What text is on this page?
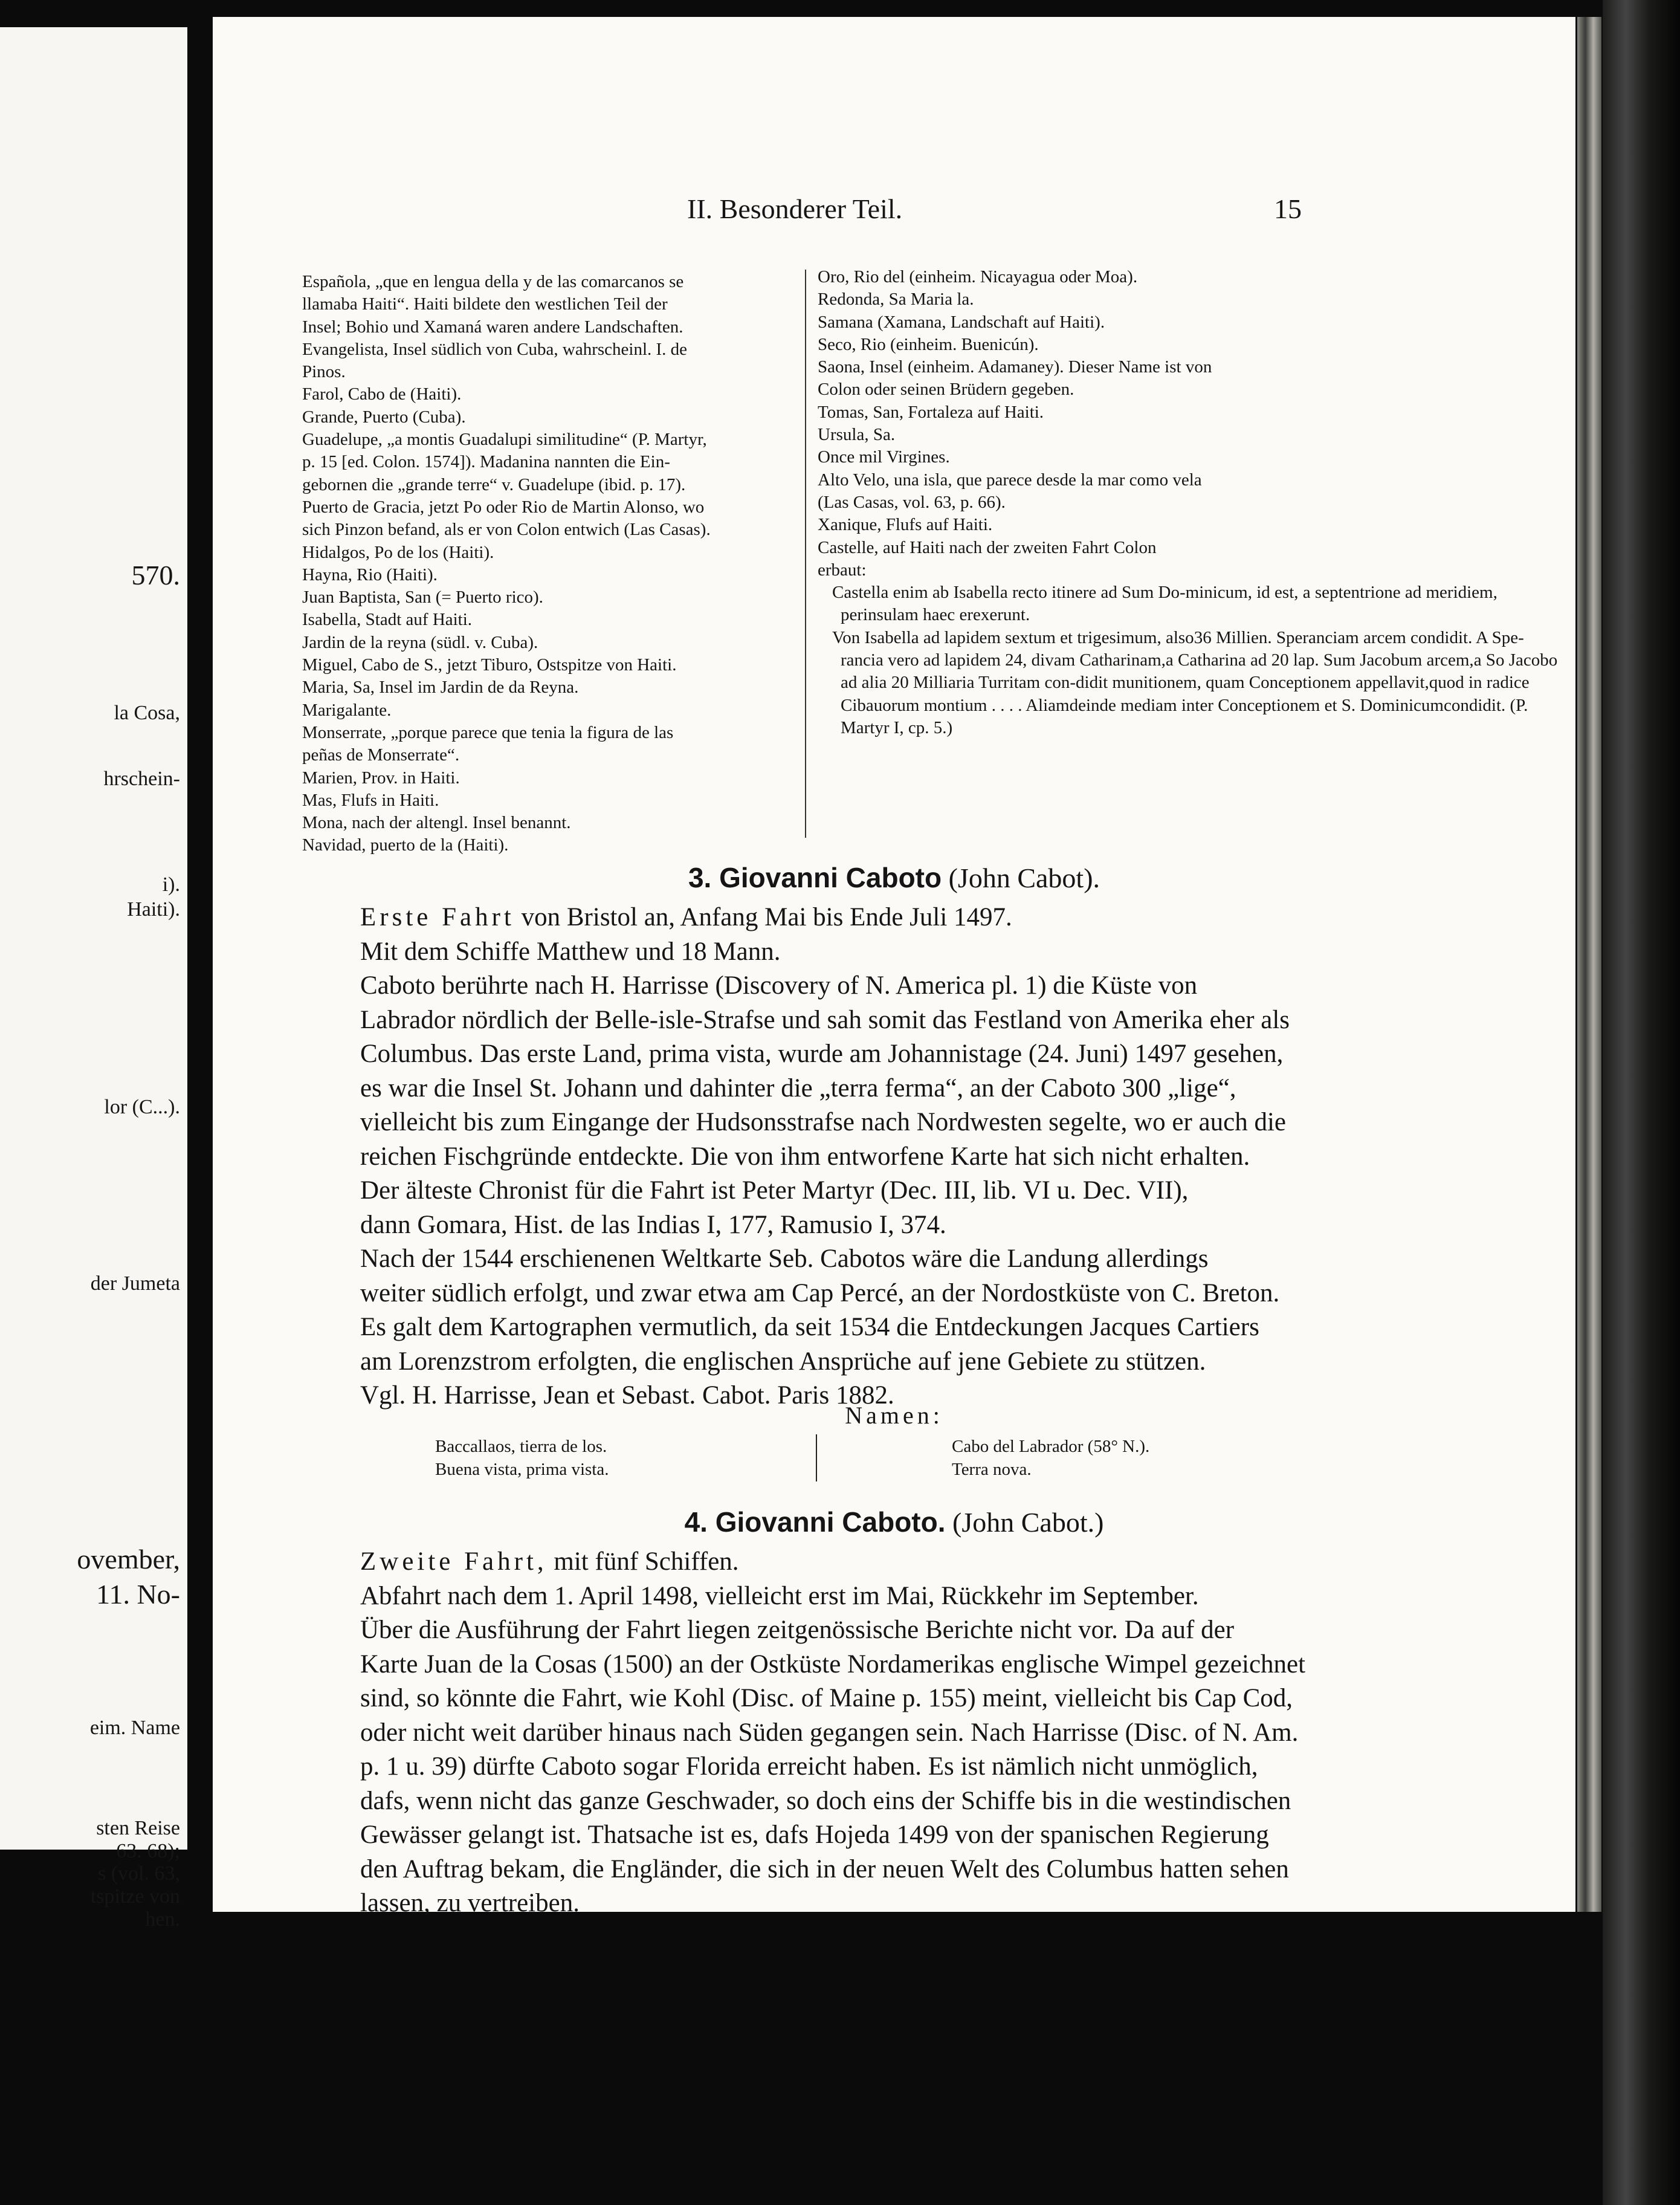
570.
la Cosa,
hrschein-
i).
Haiti).
lor (C...).
der Jumeta
ovember,
11. No-
eim. Name
sten Reise
63. 68);
s (vol. 63,
tspitze von
hen.
II. Besonderer Teil.	15
Española, „que en lengua della y de las comarcanos se
llamaba Haiti“. Haiti bildete den westlichen Teil der
Insel; Bohio und Xamaná waren andere Landschaften.
Evangelista, Insel südlich von Cuba, wahrscheinl. I. de
Pinos.
Farol, Cabo de (Haiti).
Grande, Puerto (Cuba).
Guadelupe, „a montis Guadalupi similitudine“ (P. Martyr,
p. 15 [ed. Colon. 1574]). Madanina nannten die Ein-
gebornen die „grande terre“ v. Guadelupe (ibid. p. 17).
Puerto de Gracia, jetzt Po oder Rio de Martin Alonso, wo
sich Pinzon befand, als er von Colon entwich (Las Casas).
Hidalgos, Po de los (Haiti).
Hayna, Rio (Haiti).
Juan Baptista, San (= Puerto rico).
Isabella, Stadt auf Haiti.
Jardin de la reyna (südl. v. Cuba).
Miguel, Cabo de S., jetzt Tiburo, Ostspitze von Haiti.
Maria, Sa, Insel im Jardin de da Reyna.
Marigalante.
Monserrate, „porque parece que tenia la figura de las
peñas de Monserrate“.
Marien, Prov. in Haiti.
Mas, Flufs in Haiti.
Mona, nach der altengl. Insel benannt.
Navidad, puerto de la (Haiti).
Oro, Rio del (einheim. Nicayagua oder Moa).
Redonda, Sa Maria la.
Samana (Xamana, Landschaft auf Haiti).
Seco, Rio (einheim. Buenicún).
Saona, Insel (einheim. Adamaney). Dieser Name ist von
Colon oder seinen Brüdern gegeben.
Tomas, San, Fortaleza auf Haiti.
Ursula, Sa.
Once mil Virgines.
Alto Velo, una isla, que parece desde la mar como vela
(Las Casas, vol. 63, p. 66).
Xanique, Flufs auf Haiti.
Castelle, auf Haiti nach der zweiten Fahrt Colon
erbaut:
Castella enim ab Isabella recto itinere ad Sum Do-minicum, id est, a septentrione ad meridiem, perinsulam haec erexerunt.
Von Isabella ad lapidem sextum et trigesimum, also36 Millien. Speranciam arcem condidit. A Spe-rancia vero ad lapidem 24, divam Catharinam,a Catharina ad 20 lap. Sum Jacobum arcem,a So Jacobo ad alia 20 Milliaria Turritam con-didit munitionem, quam Conceptionem appellavit,quod in radice Cibauorum montium . . . . Aliamdeinde mediam inter Conceptionem et S. Dominicumcondidit. (P. Martyr I, cp. 5.)
3. Giovanni Caboto (John Cabot).

Erste Fahrt von Bristol an, Anfang Mai bis Ende Juli 1497.

Mit dem Schiffe Matthew und 18 Mann.

Caboto berührte nach H. Harrisse (Discovery of N. America pl. 1) die Küste von
Labrador nördlich der Belle-isle-Strafse und sah somit das Festland von Amerika eher als
Columbus. Das erste Land, prima vista, wurde am Johannistage (24. Juni) 1497 gesehen,
es war die Insel St. Johann und dahinter die „terra ferma“, an der Caboto 300 „lige“,
vielleicht bis zum Eingange der Hudsonsstrafse nach Nordwesten segelte, wo er auch die
reichen Fischgründe entdeckte. Die von ihm entworfene Karte hat sich nicht erhalten.

Der älteste Chronist für die Fahrt ist Peter Martyr (Dec. III, lib. VI u. Dec. VII),
dann Gomara, Hist. de las Indias I, 177, Ramusio I, 374.

Nach der 1544 erschienenen Weltkarte Seb. Cabotos wäre die Landung allerdings
weiter südlich erfolgt, und zwar etwa am Cap Percé, an der Nordostküste von C. Breton.
Es galt dem Kartographen vermutlich, da seit 1534 die Entdeckungen Jacques Cartiers
am Lorenzstrom erfolgten, die englischen Ansprüche auf jene Gebiete zu stützen.

Vgl. H. Harrisse, Jean et Sebast. Cabot. Paris 1882.

Namen:
Baccallaos, tierra de los.
Buena vista, prima vista.
Cabo del Labrador (58° N.).
Terra nova.
4. Giovanni Caboto. (John Cabot.)

Zweite Fahrt, mit fünf Schiffen.

Abfahrt nach dem 1. April 1498, vielleicht erst im Mai, Rückkehr im September.

Über die Ausführung der Fahrt liegen zeitgenössische Berichte nicht vor. Da auf der
Karte Juan de la Cosas (1500) an der Ostküste Nordamerikas englische Wimpel gezeichnet
sind, so könnte die Fahrt, wie Kohl (Disc. of Maine p. 155) meint, vielleicht bis Cap Cod,
oder nicht weit darüber hinaus nach Süden gegangen sein. Nach Harrisse (Disc. of N. Am.
p. 1 u. 39) dürfte Caboto sogar Florida erreicht haben. Es ist nämlich nicht unmöglich,
dafs, wenn nicht das ganze Geschwader, so doch eins der Schiffe bis in die westindischen
Gewässer gelangt ist. Thatsache ist es, dafs Hojeda 1499 von der spanischen Regierung
den Auftrag bekam, die Engländer, die sich in der neuen Welt des Columbus hatten sehen
lassen, zu vertreiben.
